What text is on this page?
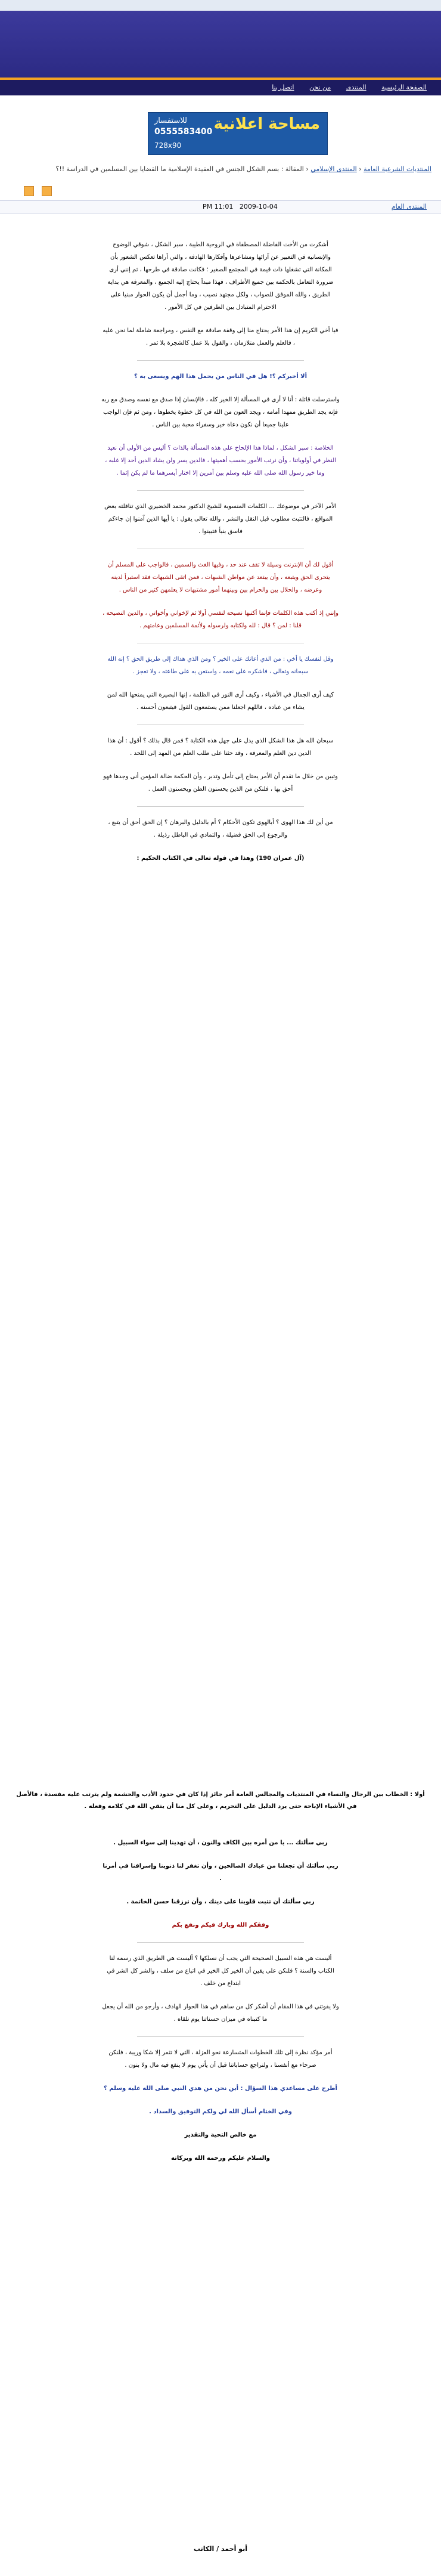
الصفحة الرئيسية المنتدى من نحن اتصل بنا
مساحة اعلانية
للاستفسار
0555583400
728x90
المنتديات الشرعية العامة ‹ المنتدى الإسلامي ‹ المقالة : بسم الشكل الجنس في العقيدة الإسلامية ما القضايا بين المسلمين في الدراسة !!؟

PM 11:01 2009-10-04	المنتدى العام

أشكرت من الأخت الفاضلة المصطفاة في الروحية الطيبة ، سبر الشكل ، شوقي الوضوح والإنسانية في التعبير عن آرائها ومشاعرها وأفكارها الهادفة ، والتي أراها تعكس الشعور بأن المكانة التي تشغلها ذات قيمة في المجتمع الصغير ؛ فكانت صادقة في طرحها ، ثم إنني أرى ضرورة التعامل بالحكمة بين جميع الأطراف ، فهذا مبدأ يحتاج إليه الجميع ، والمعرفة هي بداية الطريق ، والله الموفق للصواب ، ولكل مجتهد نصيب ، وما أجمل أن يكون الحوار مبنيا على الاحترام المتبادل بين الطرفين في كل الأمور .

فيا أخي الكريم إن هذا الأمر يحتاج منا إلى وقفة صادقة مع النفس ، ومراجعة شاملة لما نحن عليه ، فالعلم والعمل متلازمان ، والقول بلا عمل كالشجرة بلا ثمر .

ألا أخبركم ؟! هل في الناس من يحمل هذا الهم ويسعى به ؟

واسترسلت قائلة : أنا لا أرى في المسألة إلا الخير كله ، فالإنسان إذا صدق مع نفسه وصدق مع ربه فإنه يجد الطريق ممهدا أمامه ، ويجد العون من الله في كل خطوة يخطوها ، ومن ثم فإن الواجب علينا جميعا أن نكون دعاة خير وسفراء محبة بين الناس .

الخلاصة : سبر الشكل ، لماذا هذا الإلحاح على هذه المسألة بالذات ؟ أليس من الأولى أن نعيد النظر في أولوياتنا ، وأن نرتب الأمور بحسب أهميتها ، فالدين يسر ولن يشاد الدين أحد إلا غلبه ، وما خير رسول الله صلى الله عليه وسلم بين أمرين إلا اختار أيسرهما ما لم يكن إثما .

الأمر الآخر في موضوعك ... الكلمات المنسوبة للشيخ الدكتور محمد الخضيري الذي تناقلته بعض المواقع ، فالتثبت مطلوب قبل النقل والنشر ، والله تعالى يقول : يا أيها الذين آمنوا إن جاءكم فاسق بنبأ فتبينوا .

أقول لك أن الإنترنت وسيلة لا تقف عند حد ، وفيها الغث والسمين ، فالواجب على المسلم أن يتحرى الحق ويتبعه ، وأن يبتعد عن مواطن الشبهات ، فمن اتقى الشبهات فقد استبرأ لدينه وعرضه ، والحلال بين والحرام بين وبينهما أمور مشتبهات لا يعلمهن كثير من الناس .

وإنني إذ أكتب هذه الكلمات فإنما أكتبها نصيحة لنفسي أولا ثم لإخواني وأخواتي ، والدين النصيحة ، قلنا : لمن ؟ قال : لله ولكتابه ولرسوله ولأئمة المسلمين وعامتهم .

وقل لنفسك يا أخي : من الذي أعانك على الخير ؟ ومن الذي هداك إلى طريق الحق ؟ إنه الله سبحانه وتعالى ، فاشكره على نعمه ، واستعن به على طاعته ، ولا تعجز .

كيف أرى الجمال في الأشياء ، وكيف أرى النور في الظلمة ، إنها البصيرة التي يمنحها الله لمن يشاء من عباده ، فاللهم اجعلنا ممن يستمعون القول فيتبعون أحسنه .

سبحان الله هل هذا الشكل الذي يدل على جهل هذه الكتابة ؟ فمن قال بذلك ؟ أقول : أن هذا الدين دين العلم والمعرفة ، وقد حثنا على طلب العلم من المهد إلى اللحد .

وتبين من خلال ما تقدم أن الأمر يحتاج إلى تأمل وتدبر ، وأن الحكمة ضالة المؤمن أنى وجدها فهو أحق بها ، فلنكن من الذين يحسنون الظن ويحسنون العمل .

من أين لك هذا الهوى ؟ أبالهوى تكون الأحكام ؟ أم بالدليل والبرهان ؟ إن الحق أحق أن يتبع ، والرجوع إلى الحق فضيلة ، والتمادي في الباطل رذيلة .

(آل عمران 190) وهذا في قوله تعالى في الكتاب الحكيم :

أولا : الخطاب بين الرجال والنساء في المنتديات والمجالس العامة أمر جائز إذا كان في حدود الأدب والحشمة ولم يترتب عليه مفسدة ، فالأصل في الأشياء الإباحة حتى يرد الدليل على التحريم ، وعلى كل منا أن يتقي الله في كلامه وفعله .

ربي سألتك ... يا من أمره بين الكاف والنون ، أن تهدينا إلى سواء السبيل .

ربي سألتك أن تجعلنا من عبادك الصالحين ، وأن تغفر لنا ذنوبنا وإسرافنا في أمرنا .

ربي سألتك أن تثبت قلوبنا على دينك ، وأن ترزقنا حسن الخاتمة .

وفقكم الله وبارك فيكم ونفع بكم

أليست هي هذه السبيل الصحيحة التي يجب أن نسلكها ؟ أليست هي الطريق الذي رسمه لنا الكتاب والسنة ؟ فلنكن على يقين أن الخير كل الخير في اتباع من سلف ، والشر كل الشر في ابتداع من خلف .

ولا يفوتني في هذا المقام أن أشكر كل من ساهم في هذا الحوار الهادف ، وأرجو من الله أن يجعل ما كتبناه في ميزان حسناتنا يوم نلقاه .

أمر مؤكد نظرة إلى تلك الخطوات المتسارعة نحو العزلة ، التي لا تثمر إلا شكا وريبة ، فلنكن صرحاء مع أنفسنا ، ولنراجع حساباتنا قبل أن يأتي يوم لا ينفع فيه مال ولا بنون .

أطرح على مساعدي هذا السؤال : أين نحن من هدي النبي صلى الله عليه وسلم ؟

وفي الختام أسأل الله لي ولكم التوفيق والسداد .

مع خالص التحية والتقدير

والسلام عليكم ورحمة الله وبركاته

أبو أحمد / الكاتب
